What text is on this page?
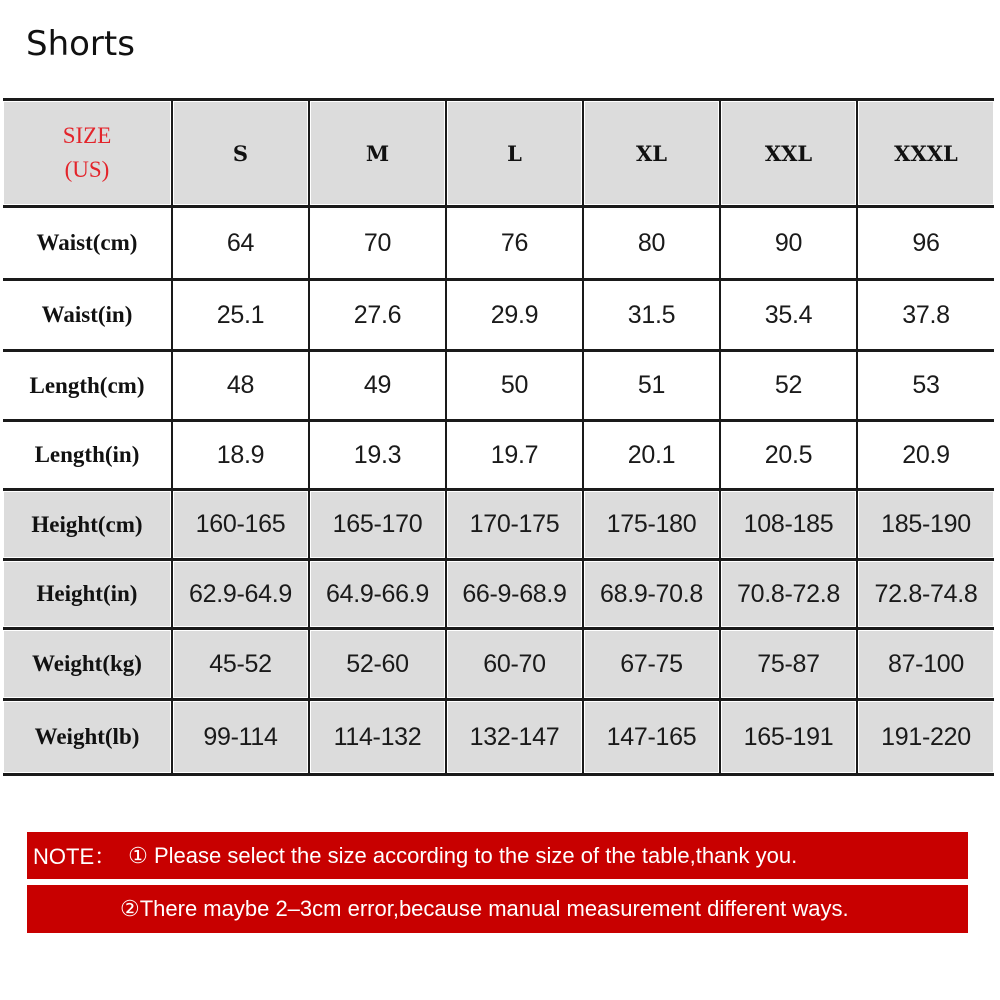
Shorts
SIZE
(US)	S	M	L	XL	XXL	XXXL
Waist(cm)	64	70	76	80	90	96
Waist(in)	25.1	27.6	29.9	31.5	35.4	37.8
Length(cm)	48	49	50	51	52	53
Length(in)	18.9	19.3	19.7	20.1	20.5	20.9
Height(cm)	160-165	165-170	170-175	175-180	108-185	185-190
Height(in)	62.9-64.9	64.9-66.9	66-9-68.9	68.9-70.8	70.8-72.8	72.8-74.8
Weight(kg)	45-52	52-60	60-70	67-75	75-87	87-100
Weight(lb)	99-114	114-132	132-147	147-165	165-191	191-220
NOTE： ① Please select the size according to the size of the table,thank you.
②There maybe 2–3cm error,because manual measurement different ways.
